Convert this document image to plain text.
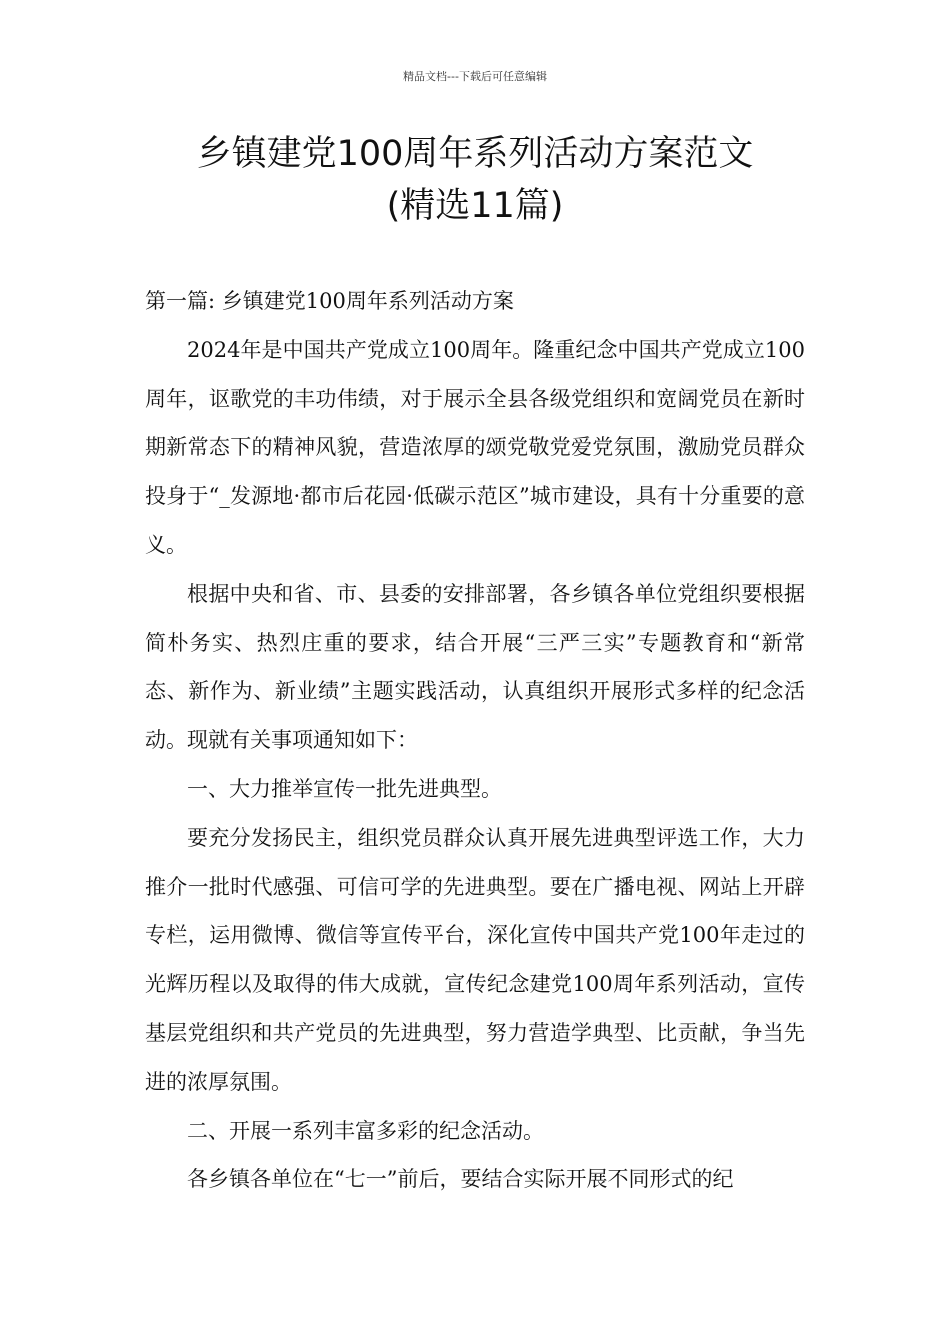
精品文档---下载后可任意编辑
乡镇建党100周年系列活动方案范文
(精选11篇)

第一篇: 乡镇建党100周年系列活动方案

2024年是中国共产党成立100周年。隆重纪念中国共产党成立100周年，讴歌党的丰功伟绩，对于展示全县各级党组织和宽阔党员在新时期新常态下的精神风貌，营造浓厚的颂党敬党爱党氛围，激励党员群众投身于“_发源地·都市后花园·低碳示范区”城市建设，具有十分重要的意义。

根据中央和省、市、县委的安排部署，各乡镇各单位党组织要根据简朴务实、热烈庄重的要求，结合开展“三严三实”专题教育和“新常态、新作为、新业绩”主题实践活动，认真组织开展形式多样的纪念活动。现就有关事项通知如下：

一、大力推举宣传一批先进典型。

要充分发扬民主，组织党员群众认真开展先进典型评选工作，大力推介一批时代感强、可信可学的先进典型。要在广播电视、网站上开辟专栏，运用微博、微信等宣传平台，深化宣传中国共产党100年走过的光辉历程以及取得的伟大成就，宣传纪念建党100周年系列活动，宣传基层党组织和共产党员的先进典型，努力营造学典型、比贡献，争当先进的浓厚氛围。

二、开展一系列丰富多彩的纪念活动。

各乡镇各单位在“七一”前后，要结合实际开展不同形式的纪
